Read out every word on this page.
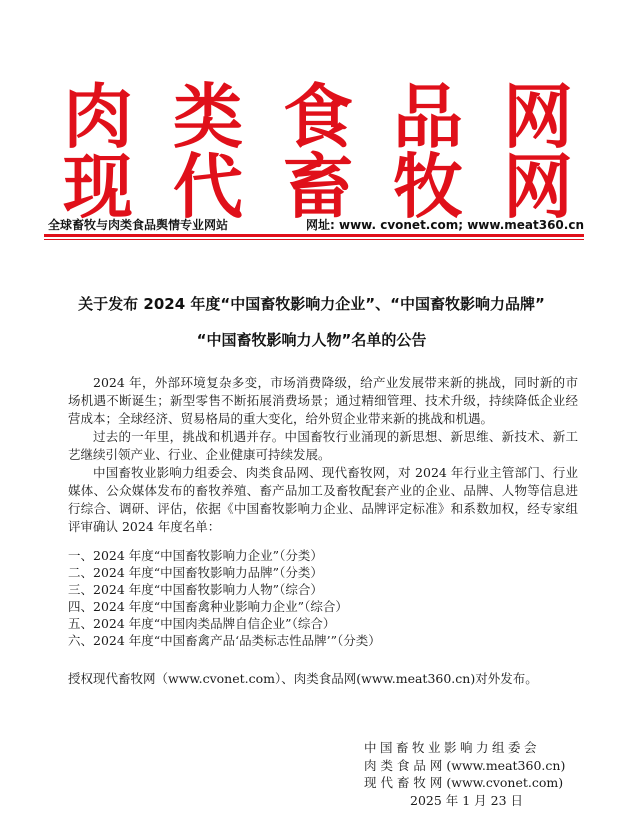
肉 类 食 品 网
现 代 畜 牧 网
全球畜牧与肉类食品舆情专业网站	网址: www. cvonet.com; www.meat360.cn
关于发布 2024 年度“中国畜牧影响力企业”、“中国畜牧影响力品牌”
“中国畜牧影响力人物”名单的公告

2024 年，外部环境复杂多变，市场消费降级，给产业发展带来新的挑战，同时新的市场机遇不断诞生；新型零售不断拓展消费场景；通过精细管理、技术升级，持续降低企业经营成本；全球经济、贸易格局的重大变化，给外贸企业带来新的挑战和机遇。

过去的一年里，挑战和机遇并存。中国畜牧行业涌现的新思想、新思维、新技术、新工艺继续引领产业、行业、企业健康可持续发展。

中国畜牧业影响力组委会、肉类食品网、现代畜牧网，对 2024 年行业主管部门、行业媒体、公众媒体发布的畜牧养殖、畜产品加工及畜牧配套产业的企业、品牌、人物等信息进行综合、调研、评估，依据《中国畜牧影响力企业、品牌评定标准》和系数加权，经专家组评审确认 2024 年度名单：

一、2024 年度“中国畜牧影响力企业”（分类）
二、2024 年度“中国畜牧影响力品牌”（分类）
三、2024 年度“中国畜牧影响力人物”（综合）
四、2024 年度“中国畜禽种业影响力企业”（综合）
五、2024 年度“中国肉类品牌自信企业”（综合）
六、2024 年度“中国畜禽产品‘品类标志性品牌’”（分类）
授权现代畜牧网（www.cvonet.com）、肉类食品网(www.meat360.cn)对外发布。
中国畜牧业影响力组委会
肉 类 食 品 网 (www.meat360.cn)
现 代 畜 牧 网 (www.cvonet.com)
2025 年 1 月 23 日
